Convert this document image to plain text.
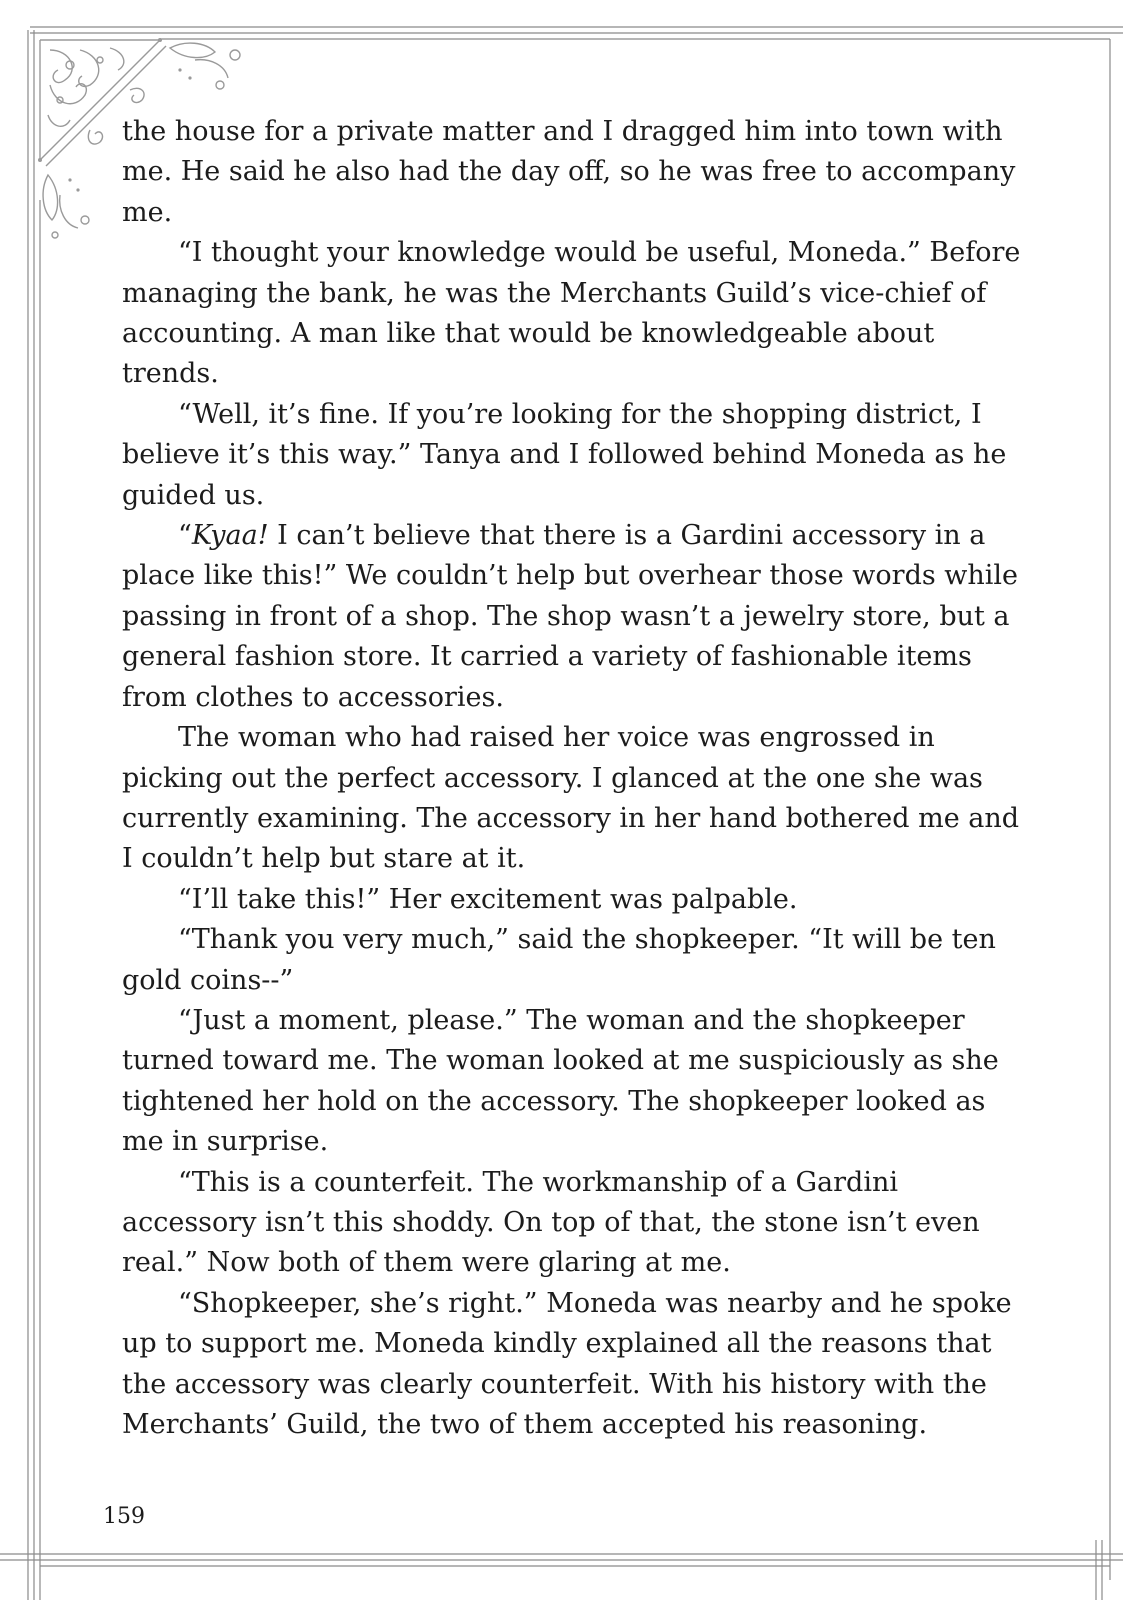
the house for a private matter and I dragged him into town with me. He said he also had the day off, so he was free to accompany me.

“I thought your knowledge would be useful, Moneda.” Before managing the bank, he was the Merchants Guild’s vice-chief of accounting. A man like that would be knowledgeable about trends.

“Well, it’s fine. If you’re looking for the shopping district, I believe it’s this way.” Tanya and I followed behind Moneda as he guided us.

“Kyaa! I can’t believe that there is a Gardini accessory in a place like this!” We couldn’t help but overhear those words while passing in front of a shop. The shop wasn’t a jewelry store, but a general fashion store. It carried a variety of fashionable items from clothes to accessories.

The woman who had raised her voice was engrossed in picking out the perfect accessory. I glanced at the one she was currently examining. The accessory in her hand bothered me and I couldn’t help but stare at it.

“I’ll take this!” Her excitement was palpable.

“Thank you very much,” said the shopkeeper. “It will be ten gold coins--”

“Just a moment, please.” The woman and the shopkeeper turned toward me. The woman looked at me suspiciously as she tightened her hold on the accessory. The shopkeeper looked as me in surprise.

“This is a counterfeit. The workmanship of a Gardini accessory isn’t this shoddy. On top of that, the stone isn’t even real.” Now both of them were glaring at me.

“Shopkeeper, she’s right.” Moneda was nearby and he spoke up to support me. Moneda kindly explained all the reasons that the accessory was clearly counterfeit. With his history with the Merchants’ Guild, the two of them accepted his reasoning.

159
